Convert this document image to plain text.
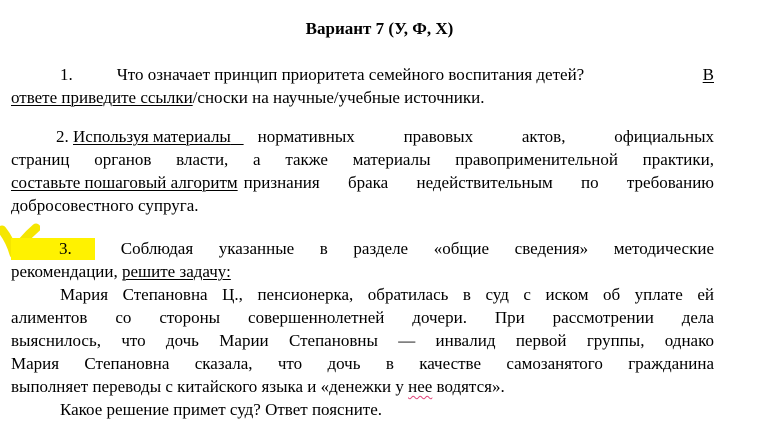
Вариант 7 (У, Ф, Х)
1.	Что означает принцип приоритета семейного воспитания детей?	В
ответе приведите ссылки/сноски на научные/учебные источники.
2. Используя материалы	нормативных правовых актов, официальных
страниц органов власти, а также материалы правоприменительной практики,
составьте пошаговый алгоритм признания брака недействительным по требованию
добросовестного супруга.
3.	Соблюдая указанные в разделе «общие сведения» методические
рекомендации, решите задачу:
Мария Степановна Ц., пенсионерка, обратилась в суд с иском об уплате ей
алиментов со стороны совершеннолетней дочери. При рассмотрении дела
выяснилось, что дочь Марии Степановны — инвалид первой группы, однако
Мария Степановна сказала, что дочь в качестве самозанятого гражданина
выполняет переводы с китайского языка и «денежки у нее водятся».
Какое решение примет суд? Ответ поясните.
